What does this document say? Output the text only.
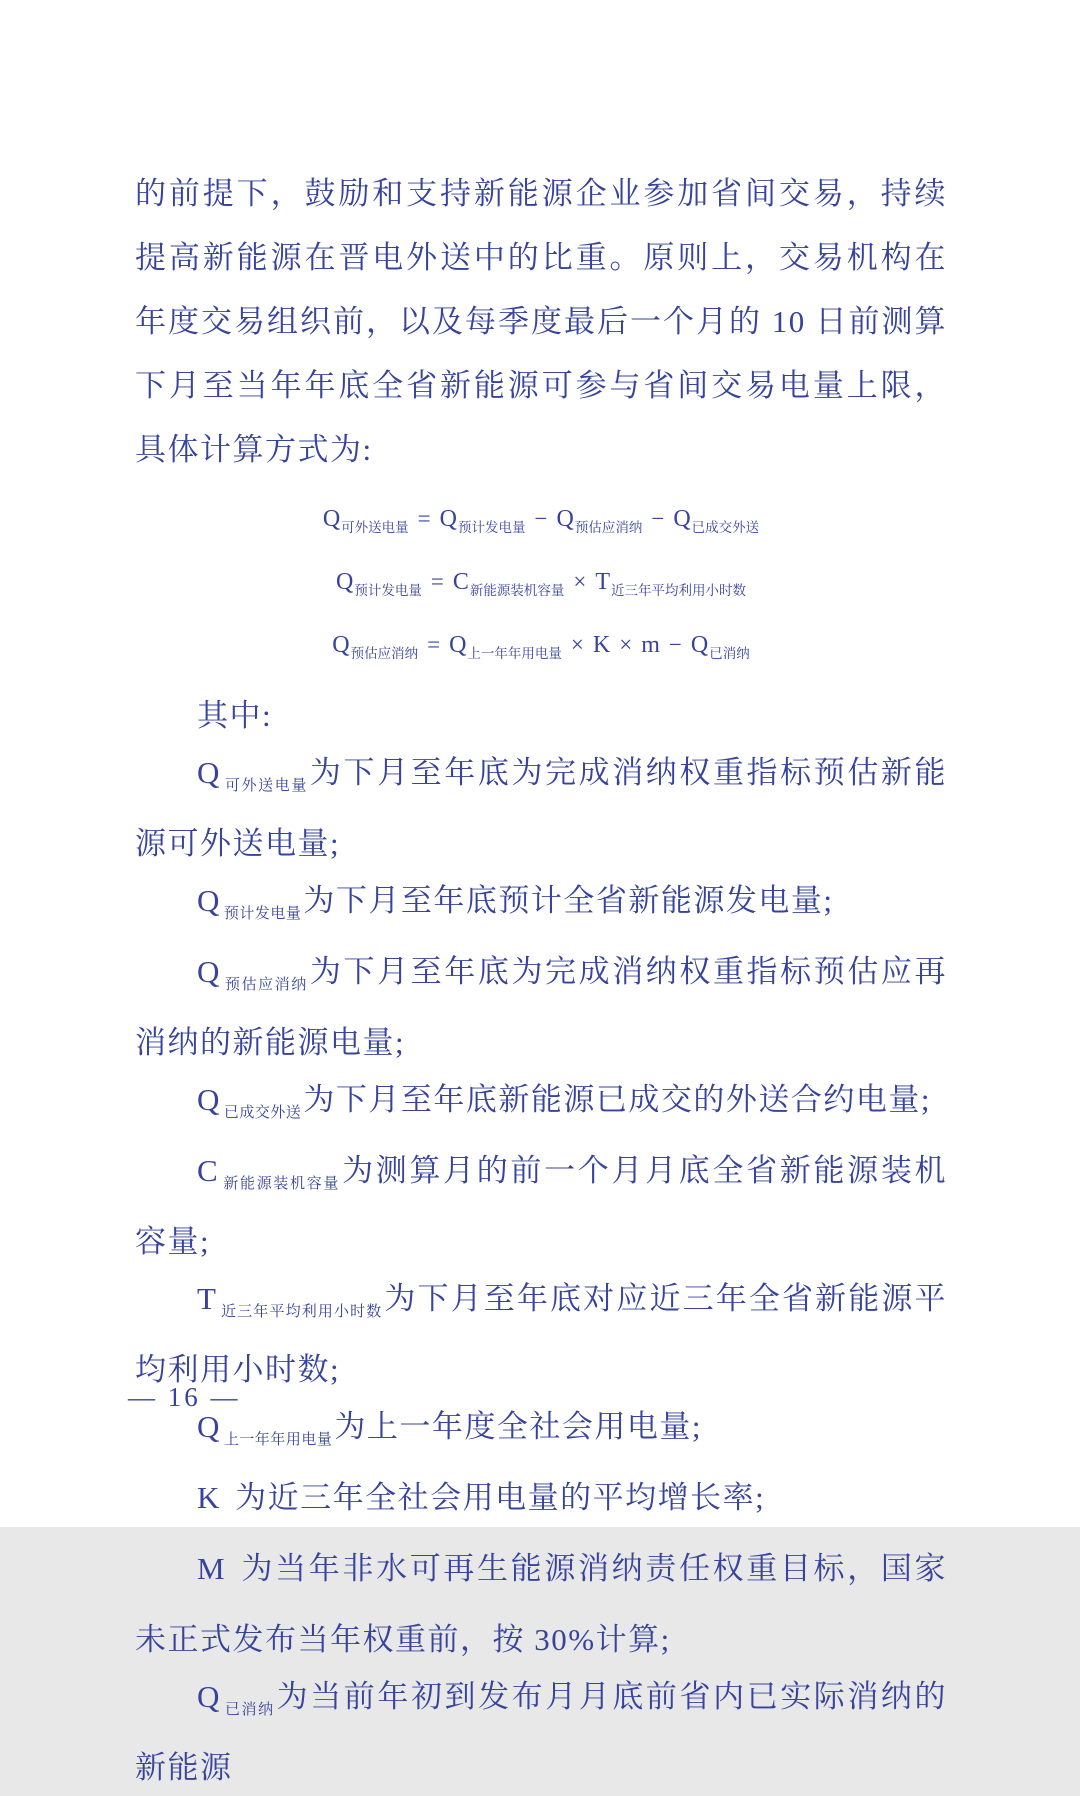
的前提下，鼓励和支持新能源企业参加省间交易，持续提高新能源在晋电外送中的比重。原则上，交易机构在年度交易组织前，以及每季度最后一个月的 10 日前测算下月至当年年底全省新能源可参与省间交易电量上限，具体计算方式为:

$Q_{可外送电量} = Q_{预计发电量} - Q_{预估应消纳} - Q_{已成交外送}$
$Q_{预计发电量} = C_{新能源装机容量} \times T_{近三年平均利用小时数}$
$Q_{预估应消纳} = Q_{上一年年用电量} \times K \times m - Q_{已消纳}$

其中:

Q $_{可外送电量}$为下月至年底为完成消纳权重指标预估新能源可外送电量;

Q $_{预计发电量}$为下月至年底预计全省新能源发电量;

Q $_{预估应消纳}$为下月至年底为完成消纳权重指标预估应再消纳的新能源电量;

Q $_{已成交外送}$为下月至年底新能源已成交的外送合约电量;

C $_{新能源装机容量}$为测算月的前一个月月底全省新能源装机容量;

T $_{近三年平均利用小时数}$为下月至年底对应近三年全省新能源平均利用小时数;

Q $_{上一年年用电量}$为上一年度全社会用电量;

K 为近三年全社会用电量的平均增长率;

M 为当年非水可再生能源消纳责任权重目标，国家未正式发布当年权重前，按 30%计算;

Q $_{已消纳}$为当前年初到发布月月底前省内已实际消纳的新能源

— 16 —
